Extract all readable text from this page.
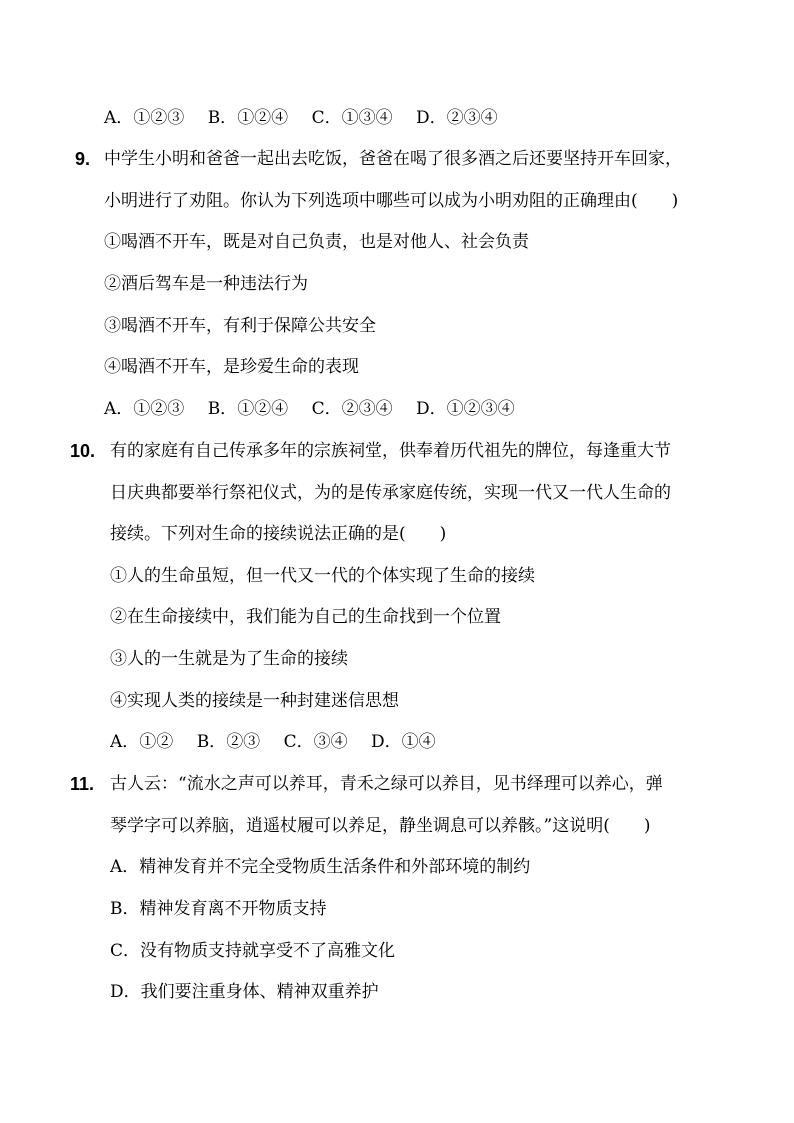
A．①②③ B．①②④ C．①③④ D．②③④
9. 中学生小明和爸爸一起出去吃饭，爸爸在喝了很多酒之后还要坚持开车回家，
小明进行了劝阻。你认为下列选项中哪些可以成为小明劝阻的正确理由(　　)
①喝酒不开车，既是对自己负责，也是对他人、社会负责
②酒后驾车是一种违法行为
③喝酒不开车，有利于保障公共安全
④喝酒不开车，是珍爱生命的表现
A．①②③ B．①②④ C．②③④ D．①②③④
10. 有的家庭有自己传承多年的宗族祠堂，供奉着历代祖先的牌位，每逢重大节
日庆典都要举行祭祀仪式，为的是传承家庭传统，实现一代又一代人生命的
接续。下列对生命的接续说法正确的是(　　)
①人的生命虽短，但一代又一代的个体实现了生命的接续
②在生命接续中，我们能为自己的生命找到一个位置
③人的一生就是为了生命的接续
④实现人类的接续是一种封建迷信思想
A．①② B．②③ C．③④ D．①④
11. 古人云：“流水之声可以养耳，青禾之绿可以养目，见书绎理可以养心，弹
琴学字可以养脑，逍遥杖履可以养足，静坐调息可以养骸。”这说明(　　)
A．精神发育并不完全受物质生活条件和外部环境的制约
B．精神发育离不开物质支持
C．没有物质支持就享受不了高雅文化
D．我们要注重身体、精神双重养护
